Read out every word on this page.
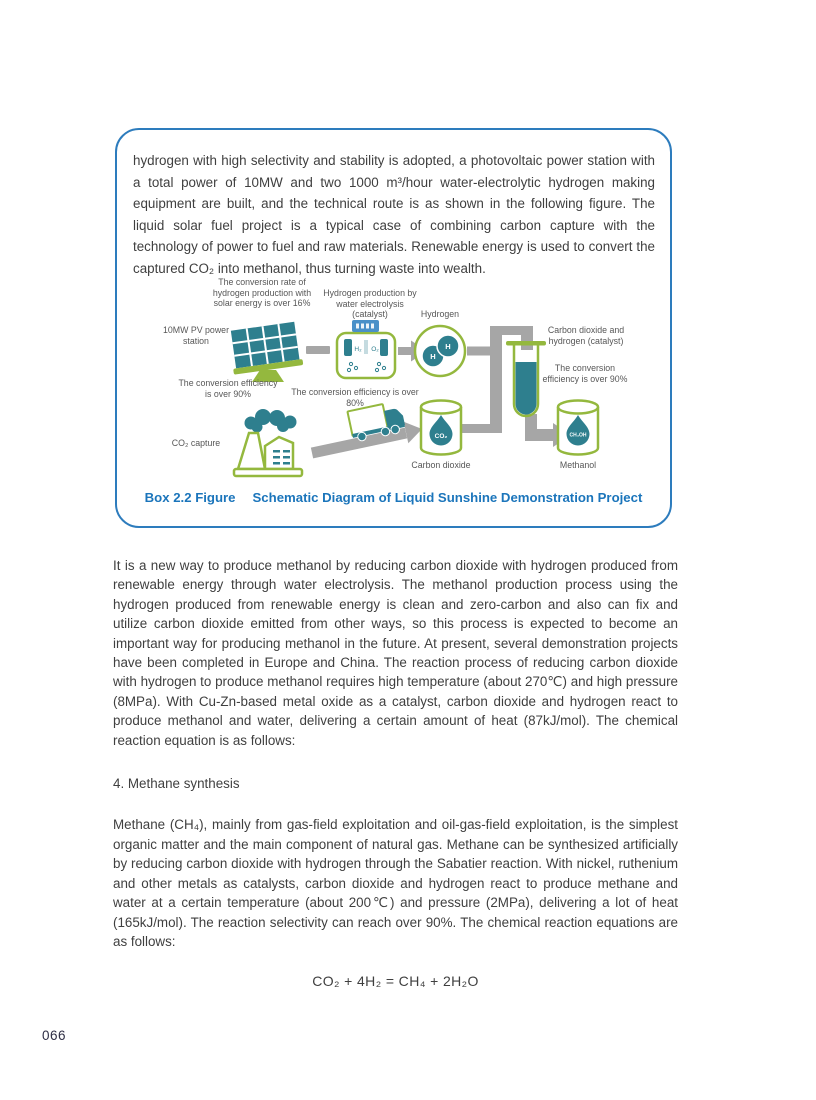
hydrogen with high selectivity and stability is adopted, a photovoltaic power station with a total power of 10MW and two 1000 m³/hour water-electrolytic hydrogen making equipment are built, and the technical route is as shown in the following figure. The liquid solar fuel project is a typical case of combining carbon capture with the technology of power to fuel and raw materials. Renewable energy is used to convert the captured CO₂ into methanol, thus turning waste into wealth.
H₂ O₂
H
H
CO₂	CH₃OH
The conversion rate of hydrogen production with solar energy is over 16%
Hydrogen production by water electrolysis (catalyst)	Hydrogen
10MW PV power station
The conversion efficiency is over 90%
CO₂ capture
The conversion efficiency is over 80%
Carbon dioxide
Carbon dioxide and hydrogen (catalyst)
The conversion efficiency is over 90%
Methanol
Box 2.2 Figure Schematic Diagram of Liquid Sunshine Demonstration Project

It is a new way to produce methanol by reducing carbon dioxide with hydrogen produced from renewable energy through water electrolysis. The methanol production process using the hydrogen produced from renewable energy is clean and zero-carbon and also can fix and utilize carbon dioxide emitted from other ways, so this process is expected to become an important way for producing methanol in the future. At present, several demonstration projects have been completed in Europe and China. The reaction process of reducing carbon dioxide with hydrogen to produce methanol requires high temperature (about 270℃) and high pressure (8MPa). With Cu-Zn-based metal oxide as a catalyst, carbon dioxide and hydrogen react to produce methanol and water, delivering a certain amount of heat (87kJ/mol). The chemical reaction equation is as follows:

4. Methane synthesis

Methane (CH₄), mainly from gas-field exploitation and oil-gas-field exploitation, is the simplest organic matter and the main component of natural gas. Methane can be synthesized artificially by reducing carbon dioxide with hydrogen through the Sabatier reaction. With nickel, ruthenium and other metals as catalysts, carbon dioxide and hydrogen react to produce methane and water at a certain temperature (about 200℃) and pressure (2MPa), delivering a lot of heat (165kJ/mol). The reaction selectivity can reach over 90%. The chemical reaction equations are as follows:

CO₂ + 4H₂ = CH₄ + 2H₂O
066
